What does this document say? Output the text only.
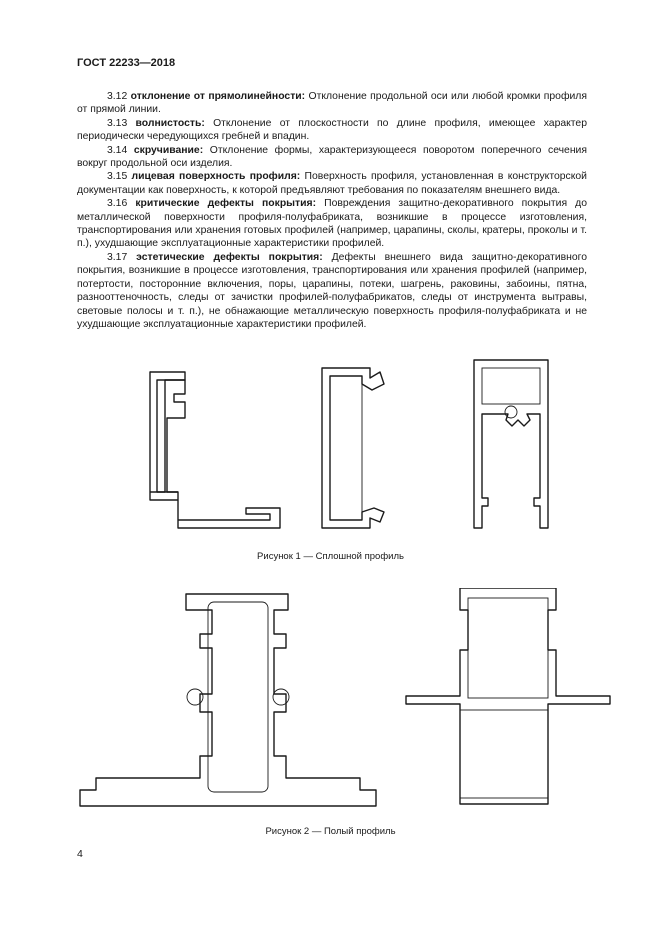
ГОСТ 22233—2018

3.12 отклонение от прямолинейности: Отклонение продольной оси или любой кромки профиля от прямой линии.

3.13 волнистость: Отклонение от плоскостности по длине профиля, имеющее характер периодически чередующихся гребней и впадин.

3.14 скручивание: Отклонение формы, характеризующееся поворотом поперечного сечения вокруг продольной оси изделия.

3.15 лицевая поверхность профиля: Поверхность профиля, установленная в конструкторской документации как поверхность, к которой предъявляют требования по показателям внешнего вида.

3.16 критические дефекты покрытия: Повреждения защитно-декоративного покрытия до металлической поверхности профиля-полуфабриката, возникшие в процессе изготовления, транспортирования или хранения готовых профилей (например, царапины, сколы, кратеры, проколы и т. п.), ухудшающие эксплуатационные характеристики профилей.

3.17 эстетические дефекты покрытия: Дефекты внешнего вида защитно-декоративного покрытия, возникшие в процессе изготовления, транспортирования или хранения профилей (например, потертости, посторонние включения, поры, царапины, потеки, шагрень, раковины, забоины, пятна, разнооттеночность, следы от зачистки профилей-полуфабрикатов, следы от инструмента вытравы, световые полосы и т. п.), не обнажающие металлическую поверхность профиля-полуфабриката и не ухудшающие эксплуатационные характеристики профилей.

Рисунок 1 — Сплошной профиль
Рисунок 2 — Полый профиль
4
